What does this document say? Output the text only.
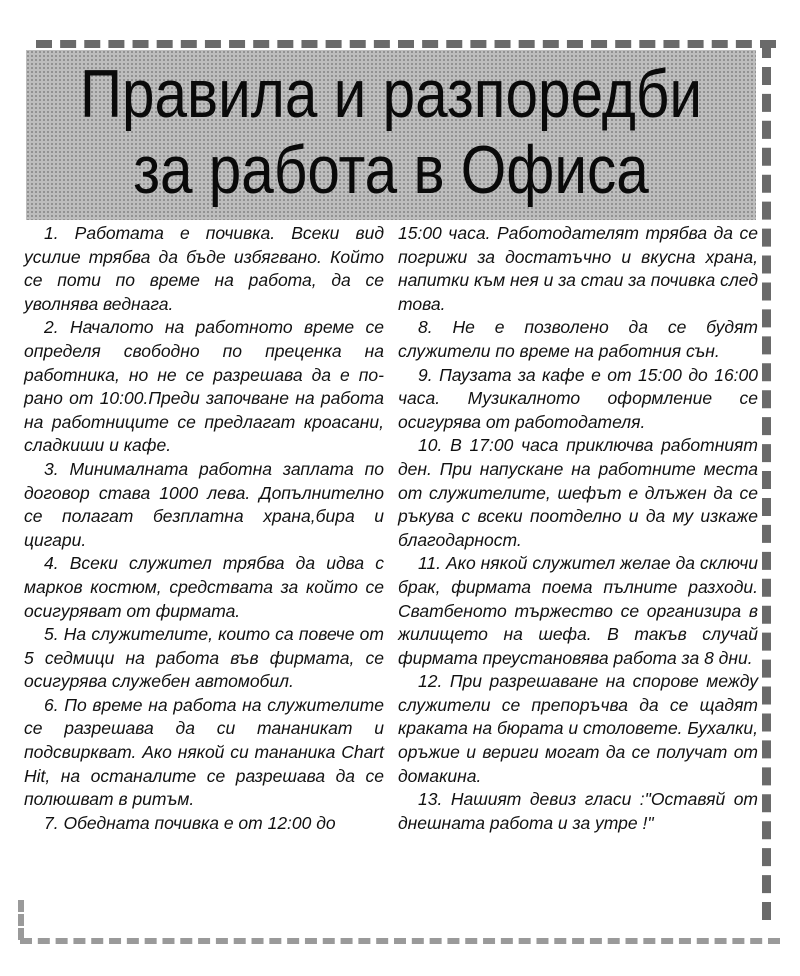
Правила и разпоредби
за работа в Офиса

1. Работата е почивка. Всеки вид усилие трябва да бъде избягвано. Който се поти по време на работа, да се уволнява веднага.

2. Началото на работното време се определя свободно по преценка на работника, но не се разрешава да е по-рано от 10:00.Преди започване на работа на работниците се предлагат кроасани, сладкиши и кафе.

3. Минималната работна заплата по договор става 1000 лева. Допълнително се полагат безплатна храна,бира и цигари.

4. Всеки служител трябва да идва с марков костюм, средствата за който се осигуряват от фирмата.

5. На служителите, които са повече от 5 седмици на работа във фирмата, се осигурява служебен автомобил.

6. По време на работа на служителите се разрешава да си тананикат и подсвиркват. Ако някой си тананика Chart Hit, на останалите се разрешава да се полюшват в ритъм.

7. Обедната почивка е от 12:00 до

15:00 часа. Работодателят трябва да се погрижи за достатъчно и вкусна храна, напитки към нея и за стаи за почивка след това.

8. Не е позволено да се будят служители по време на работния сън.

9. Паузата за кафе е от 15:00 до 16:00 часа. Музикалното оформление се осигурява от работодателя.

10. В 17:00 часа приключва работният ден. При напускане на работните места от служителите, шефът е длъжен да се ръкува с всеки поотделно и да му изкаже благодарност.

11. Ако някой служител желае да сключи брак, фирмата поема пълните разходи. Сватбеното тържество се организира в жилището на шефа. В такъв случай фирмата преустановява работа за 8 дни.

12. При разрешаване на спорове между служители се препоръчва да се щадят краката на бюрата и столовете. Бухалки, оръжие и вериги могат да се получат от домакина.

13. Нашият девиз гласи :"Оставяй от днешната работа и за утре !"
